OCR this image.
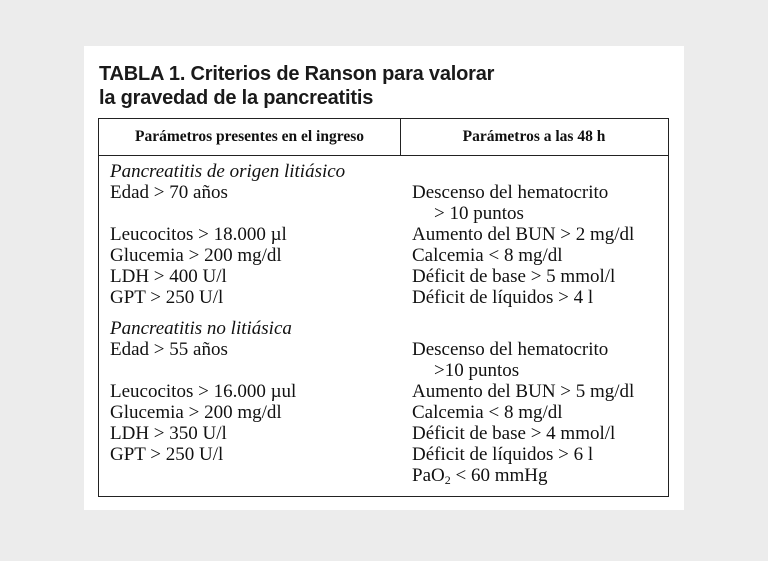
TABLA 1. Criterios de Ranson para valorar
la gravedad de la pancreatitis
Parámetros presentes en el ingreso	Parámetros a las 48 h
Pancreatitis de origen litiásico
Edad > 70 años
Leucocitos > 18.000 µl
Glucemia > 200 mg/dl
LDH > 400 U/l
GPT > 250 U/l
Pancreatitis no litiásica
Edad > 55 años
Leucocitos > 16.000 µul
Glucemia > 200 mg/dl
LDH > 350 U/l
GPT > 250 U/l
Descenso del hematocrito
> 10 puntos
Aumento del BUN > 2 mg/dl
Calcemia < 8 mg/dl
Déficit de base > 5 mmol/l
Déficit de líquidos > 4 l
Descenso del hematocrito
>10 puntos
Aumento del BUN > 5 mg/dl
Calcemia < 8 mg/dl
Déficit de base > 4 mmol/l
Déficit de líquidos > 6 l
PaO$_2$ < 60 mmHg
